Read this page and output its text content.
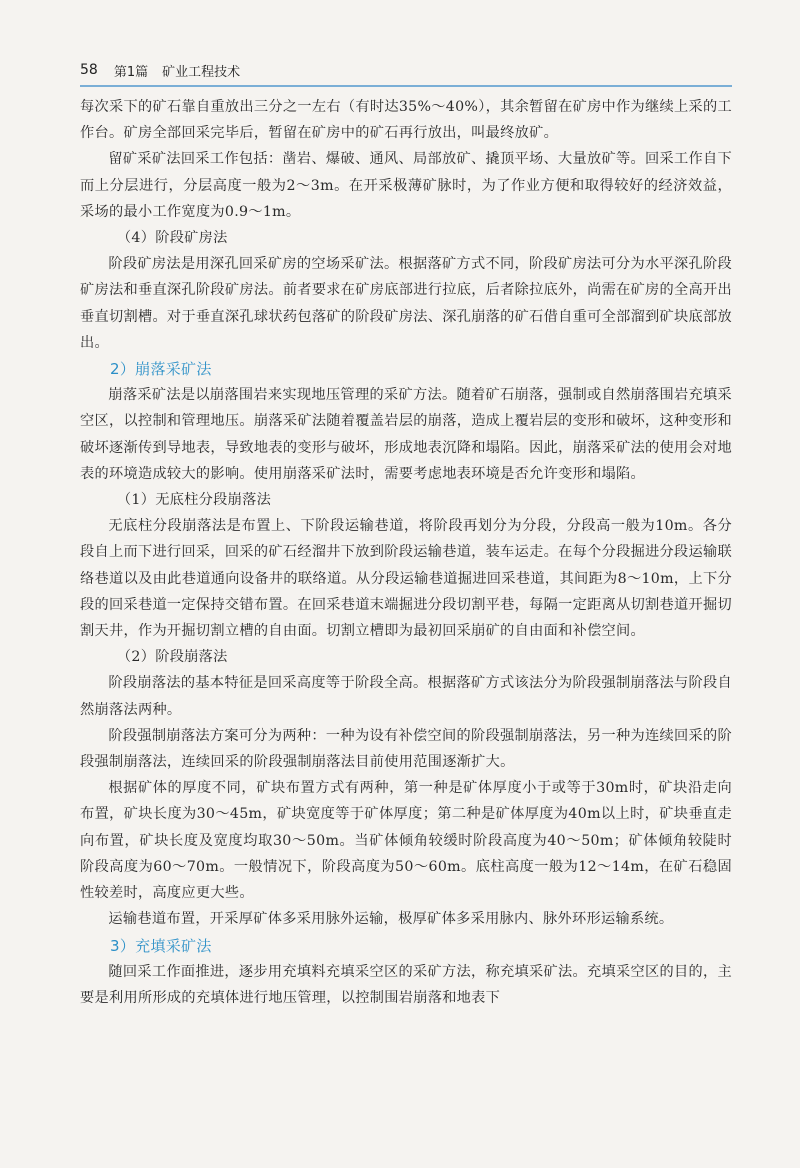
58 第1篇 矿业工程技术

每次采下的矿石靠自重放出三分之一左右（有时达35%～40%），其余暂留在矿房中作为继续上采的工作台。矿房全部回采完毕后，暂留在矿房中的矿石再行放出，叫最终放矿。

留矿采矿法回采工作包括：凿岩、爆破、通风、局部放矿、撬顶平场、大量放矿等。回采工作自下而上分层进行，分层高度一般为2～3m。在开采极薄矿脉时，为了作业方便和取得较好的经济效益，采场的最小工作宽度为0.9～1m。

（4）阶段矿房法

阶段矿房法是用深孔回采矿房的空场采矿法。根据落矿方式不同，阶段矿房法可分为水平深孔阶段矿房法和垂直深孔阶段矿房法。前者要求在矿房底部进行拉底，后者除拉底外，尚需在矿房的全高开出垂直切割槽。对于垂直深孔球状药包落矿的阶段矿房法、深孔崩落的矿石借自重可全部溜到矿块底部放出。

2）崩落采矿法

崩落采矿法是以崩落围岩来实现地压管理的采矿方法。随着矿石崩落，强制或自然崩落围岩充填采空区，以控制和管理地压。崩落采矿法随着覆盖岩层的崩落，造成上覆岩层的变形和破坏，这种变形和破坏逐渐传到导地表，导致地表的变形与破坏，形成地表沉降和塌陷。因此，崩落采矿法的使用会对地表的环境造成较大的影响。使用崩落采矿法时，需要考虑地表环境是否允许变形和塌陷。

（1）无底柱分段崩落法

无底柱分段崩落法是布置上、下阶段运输巷道，将阶段再划分为分段，分段高一般为10m。各分段自上而下进行回采，回采的矿石经溜井下放到阶段运输巷道，装车运走。在每个分段掘进分段运输联络巷道以及由此巷道通向设备井的联络道。从分段运输巷道掘进回采巷道，其间距为8～10m，上下分段的回采巷道一定保持交错布置。在回采巷道末端掘进分段切割平巷，每隔一定距离从切割巷道开掘切割天井，作为开掘切割立槽的自由面。切割立槽即为最初回采崩矿的自由面和补偿空间。

（2）阶段崩落法

阶段崩落法的基本特征是回采高度等于阶段全高。根据落矿方式该法分为阶段强制崩落法与阶段自然崩落法两种。

阶段强制崩落法方案可分为两种：一种为设有补偿空间的阶段强制崩落法，另一种为连续回采的阶段强制崩落法，连续回采的阶段强制崩落法目前使用范围逐渐扩大。

根据矿体的厚度不同，矿块布置方式有两种，第一种是矿体厚度小于或等于30m时，矿块沿走向布置，矿块长度为30～45m，矿块宽度等于矿体厚度；第二种是矿体厚度为40m以上时，矿块垂直走向布置，矿块长度及宽度均取30～50m。当矿体倾角较缓时阶段高度为40～50m；矿体倾角较陡时阶段高度为60～70m。一般情况下，阶段高度为50～60m。底柱高度一般为12～14m，在矿石稳固性较差时，高度应更大些。

运输巷道布置，开采厚矿体多采用脉外运输，极厚矿体多采用脉内、脉外环形运输系统。

3）充填采矿法

随回采工作面推进，逐步用充填料充填采空区的采矿方法，称充填采矿法。充填采空区的目的，主要是利用所形成的充填体进行地压管理，以控制围岩崩落和地表下
